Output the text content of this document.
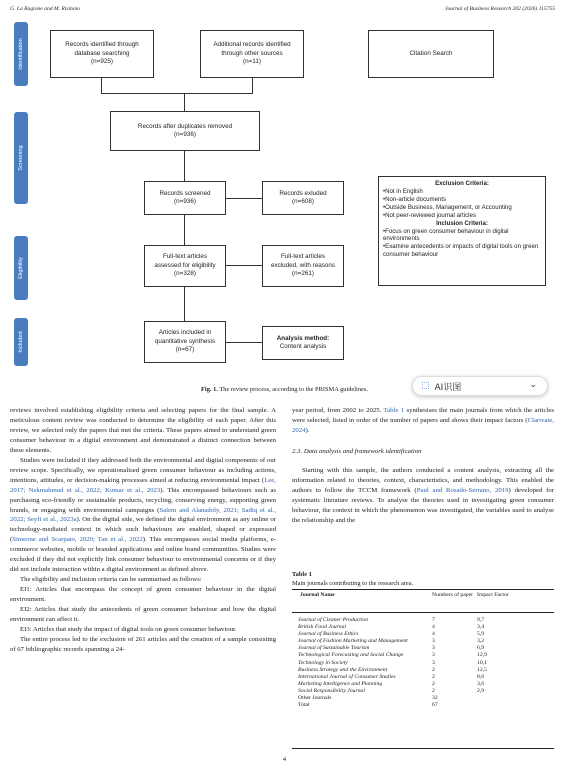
G. La Ragione and M. Risitano	Journal of Business Research 202 (2026) 115755
Identification
Screening
Eligibility
Included
Records identified through
database searching
(n=925)
Additional records identified
through other sources
(n=11)
Citation Search
Records after duplicates removed
(n=936)
Records screened
(n=936)
Records exluded
(n=608)
Exclusion Criteria:
•Not in English
•Non-article documents
•Outside Business, Management, or Accounting
•Not peer-reviewed journal articles
Inclusion Criteria:
•Focus on green consumer behaviour in digital environments
•Examine antecedents or impacts of digital tools on green consumer behaviour
Full-text articles
assessed for eligibility
(n=328)
Full-text articles
excluded, with reasons
(n=261)
Articles included in
quantitative synthesis
(n=67)
Analysis method:
Content analysis
Fig. 1. The review process, according to the PRISMA guidelines.	⬚ AI识图	⌄

reviews involved establishing eligibility criteria and selecting papers for the final sample. A meticulous content review was conducted to determine the eligibility of each paper. After this review, we selected only the papers that met the criteria. These papers aimed to understand green consumer behaviour in a digital environment and demonstrated a distinct connection between these elements.

Studies were included if they addressed both the environmental and digital components of our review scope. Specifically, we operationalised green consumer behaviour as including actions, intentions, attitudes, or decision-making processes aimed at reducing environmental impact (Lee, 2017; Nekmahmud et al., 2022; Kumar et al., 2023). This encompassed behaviours such as purchasing eco-friendly or sustainable products, recycling, conserving energy, supporting green brands, or engaging with environmental campaigns (Salem and Alanadoly, 2021; Sadiq et al., 2022; Seyfi et al., 2023a). On the digital side, we defined the digital environment as any online or technology-mediated context in which such behaviours are enabled, shaped or expressed (Simeone and Scarpato, 2020; Tan et al., 2022). This encompasses social media platforms, e-commerce websites, mobile or branded applications and online brand communities. Studies were excluded if they did not explicitly link consumer behaviour to environmental concerns or if they did not include interaction within a digital environment as defined above.

The eligibility and inclusion criteria can be summarised as follows:

EI1: Articles that encompass the concept of green consumer behaviour in the digital environment.

EI2: Articles that study the antecedents of green consumer behaviour and how the digital environment can affect it.

EI3: Articles that study the impact of digital tools on green consumer behaviour.

The entire process led to the exclusion of 261 articles and the creation of a sample consisting of 67 bibliographic records spanning a 24-

year period, from 2002 to 2025. Table 1 synthesises the main journals from which the articles were selected, listed in order of the number of papers and shows their impact factors (Clarivate, 2024).

2.3. Data analysis and framework identification

Starting with this sample, the authors conducted a content analysis, extracting all the information related to theories, context, characteristics, and methodology. This enabled the authors to follow the TCCM framework (Paul and Rosado-Serrano, 2019) developed for systematic literature reviews. To analyse the theories used in investigating green consumer behaviour, the context in which the phenomenon was investigated, the variables used to analyse the relationship and the

Table 1
Main journals contributing to the research area.
Journal Name	Numbers of paper Impact Factor
Journal of Cleaner Production	7	9,7
British Food Journal	4	3,4
Journal of Business Ethics	4	5,9
Journal of Fashion Marketing and Management	3	3,2
Journal of Sustainable Tourism	3	6,9
Technological Forecasting and Social Change	3	12,9
Technology in Society	3	10,1
Business Strategy and the Environment	2	12,5
International Journal of Consumer Studies	2	8,6
Marketing Intelligence and Planning	2	3,6
Social Responsibility Journal	2	2,9
Other Journals	32
Total	67
4
